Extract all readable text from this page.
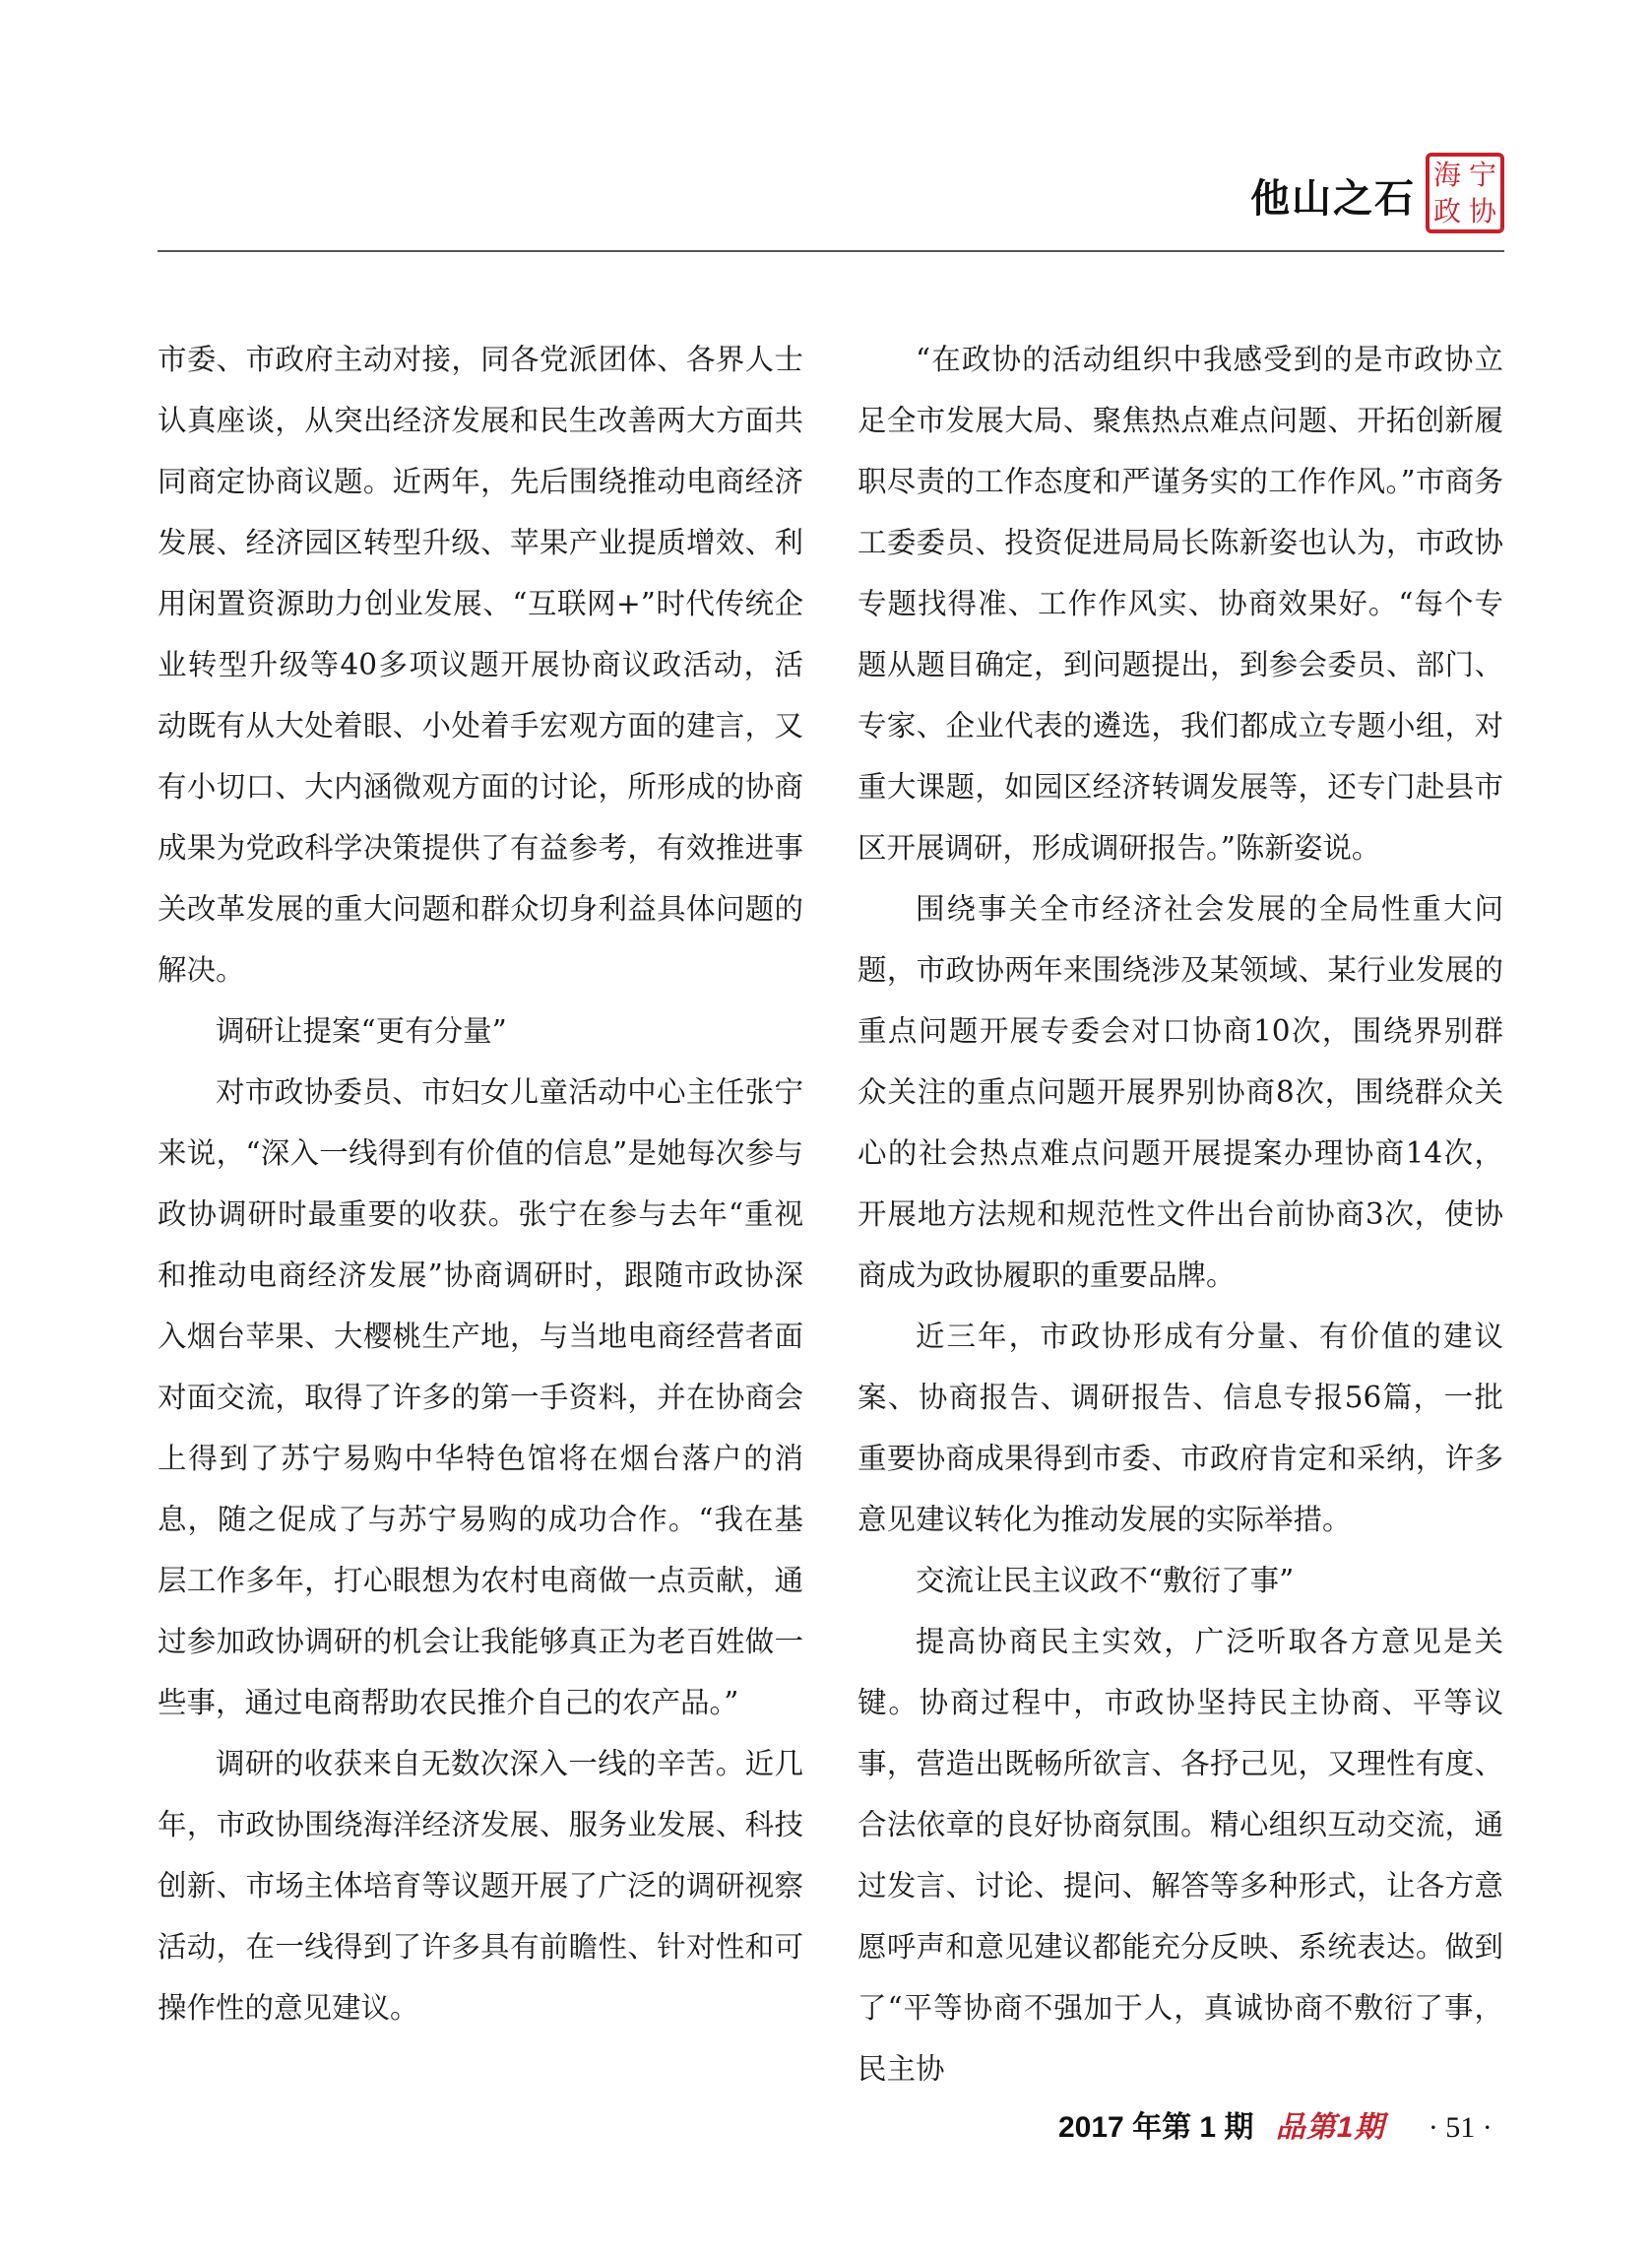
他山之石
海 宁
政 协

市委、市政府主动对接，同各党派团体、各界人士认真座谈，从突出经济发展和民生改善两大方面共同商定协商议题。近两年，先后围绕推动电商经济发展、经济园区转型升级、苹果产业提质增效、利用闲置资源助力创业发展、“互联网+”时代传统企业转型升级等40多项议题开展协商议政活动，活动既有从大处着眼、小处着手宏观方面的建言，又有小切口、大内涵微观方面的讨论，所形成的协商成果为党政科学决策提供了有益参考，有效推进事关改革发展的重大问题和群众切身利益具体问题的解决。

调研让提案“更有分量”

对市政协委员、市妇女儿童活动中心主任张宁来说，“深入一线得到有价值的信息”是她每次参与政协调研时最重要的收获。张宁在参与去年“重视和推动电商经济发展”协商调研时，跟随市政协深入烟台苹果、大樱桃生产地，与当地电商经营者面对面交流，取得了许多的第一手资料，并在协商会上得到了苏宁易购中华特色馆将在烟台落户的消息，随之促成了与苏宁易购的成功合作。“我在基层工作多年，打心眼想为农村电商做一点贡献，通过参加政协调研的机会让我能够真正为老百姓做一些事，通过电商帮助农民推介自己的农产品。”

调研的收获来自无数次深入一线的辛苦。近几年，市政协围绕海洋经济发展、服务业发展、科技创新、市场主体培育等议题开展了广泛的调研视察活动，在一线得到了许多具有前瞻性、针对性和可操作性的意见建议。

“在政协的活动组织中我感受到的是市政协立足全市发展大局、聚焦热点难点问题、开拓创新履职尽责的工作态度和严谨务实的工作作风。”市商务工委委员、投资促进局局长陈新姿也认为，市政协专题找得准、工作作风实、协商效果好。“每个专题从题目确定，到问题提出，到参会委员、部门、专家、企业代表的遴选，我们都成立专题小组，对重大课题，如园区经济转调发展等，还专门赴县市区开展调研，形成调研报告。”陈新姿说。

围绕事关全市经济社会发展的全局性重大问题，市政协两年来围绕涉及某领域、某行业发展的重点问题开展专委会对口协商10次，围绕界别群众关注的重点问题开展界别协商8次，围绕群众关心的社会热点难点问题开展提案办理协商14次，开展地方法规和规范性文件出台前协商3次，使协商成为政协履职的重要品牌。

近三年，市政协形成有分量、有价值的建议案、协商报告、调研报告、信息专报56篇，一批重要协商成果得到市委、市政府肯定和采纳，许多意见建议转化为推动发展的实际举措。

交流让民主议政不“敷衍了事”

提高协商民主实效，广泛听取各方意见是关键。协商过程中，市政协坚持民主协商、平等议事，营造出既畅所欲言、各抒己见，又理性有度、合法依章的良好协商氛围。精心组织互动交流，通过发言、讨论、提问、解答等多种形式，让各方意愿呼声和意见建议都能充分反映、系统表达。做到了“平等协商不强加于人，真诚协商不敷衍了事，民主协

2017 年第 1 期 品第1期 · 51 ·
